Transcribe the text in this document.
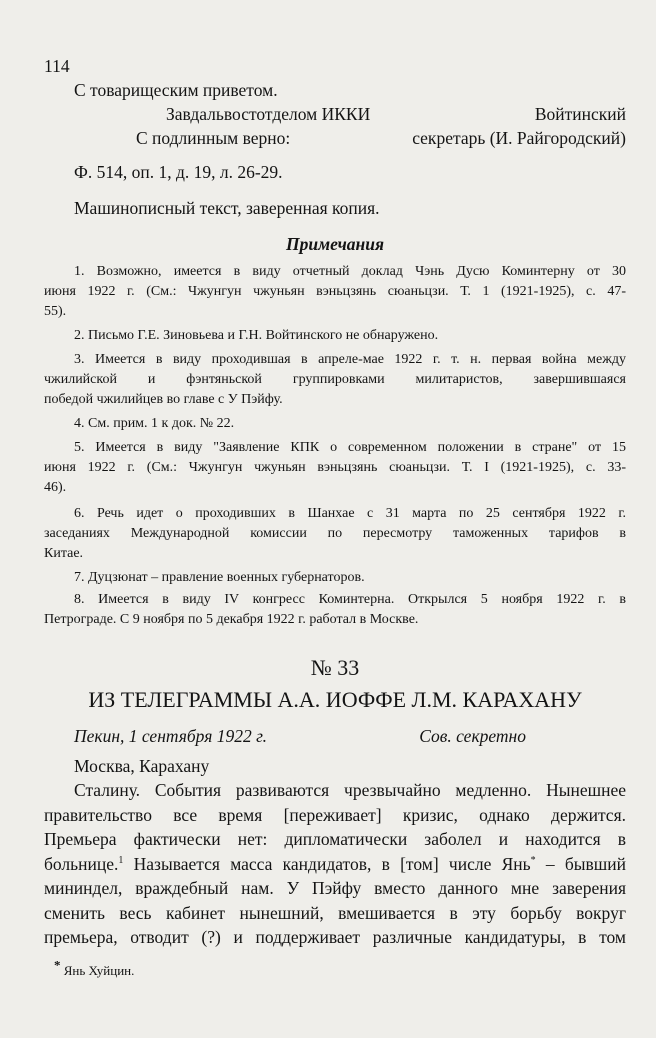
114
С товарищеским приветом.
Завдальвостотделом ИККИ	Войтинский
С подлинным верно:	секретарь (И. Райгородский)
Ф. 514, оп. 1, д. 19, л. 26-29.
Машинописный текст, заверенная копия.
Примечания
1. Возможно, имеется в виду отчетный доклад Чэнь Дусю Коминтерну от 30
июня 1922 г. (См.: Чжунгун чжуньян вэньцзянь сюаньцзи. Т. 1 (1921-1925), с. 47-
55).
2. Письмо Г.Е. Зиновьева и Г.Н. Войтинского не обнаружено.
3. Имеется в виду проходившая в апреле-мае 1922 г. т. н. первая война между
чжилийской и фэнтяньской группировками милитаристов, завершившаяся
победой чжилийцев во главе с У Пэйфу.
4. См. прим. 1 к док. № 22.
5. Имеется в виду "Заявление КПК о современном положении в стране" от 15
июня 1922 г. (См.: Чжунгун чжуньян вэньцзянь сюаньцзи. Т. I (1921-1925), с. 33-
46).
6. Речь идет о проходивших в Шанхае с 31 марта по 25 сентября 1922 г.
заседаниях Международной комиссии по пересмотру таможенных тарифов в
Китае.
7. Дуцзюнат – правление военных губернаторов.
8. Имеется в виду IV конгресс Коминтерна. Открылся 5 ноября 1922 г. в
Петрограде. С 9 ноября по 5 декабря 1922 г. работал в Москве.
№ 33
ИЗ ТЕЛЕГРАММЫ А.А. ИОФФЕ Л.М. КАРАХАНУ
Пекин, 1 сентября 1922 г.	Сов. секретно
Москва, Карахану
Сталину. События развиваются чрезвычайно медленно. Нынешнее
правительство все время [переживает] кризис, однако держится.
Премьера фактически нет: дипломатически заболел и находится в
больнице.$^1$ Называется масса кандидатов, в [том] числе Янь* – бывший
мининдел, враждебный нам. У Пэйфу вместо данного мне заверения
сменить весь кабинет нынешний, вмешивается в эту борьбу вокруг
премьера, отводит (?) и поддерживает различные кандидатуры, в том
* Янь Хуйцин.
